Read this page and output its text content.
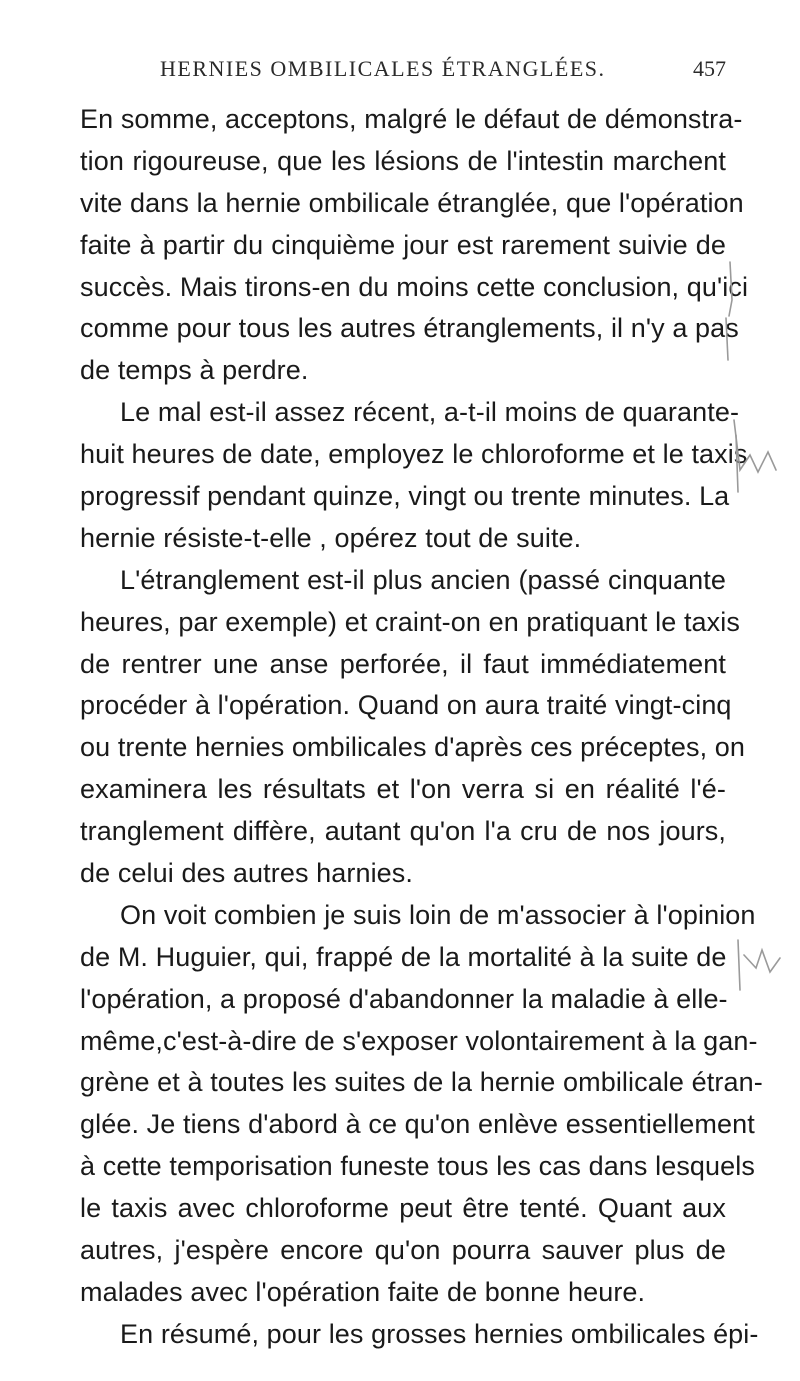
HERNIES OMBILICALES ÉTRANGLÉES.	457
En somme, acceptons, malgré le défaut de démonstra-
tion rigoureuse, que les lésions de l'intestin marchent
vite dans la hernie ombilicale étranglée, que l'opération
faite à partir du cinquième jour est rarement suivie de
succès. Mais tirons-en du moins cette conclusion, qu'ici
comme pour tous les autres étranglements, il n'y a pas
de temps à perdre.
Le mal est-il assez récent, a-t-il moins de quarante-
huit heures de date, employez le chloroforme et le taxis
progressif pendant quinze, vingt ou trente minutes. La
hernie résiste-t-elle , opérez tout de suite.
L'étranglement est-il plus ancien (passé cinquante
heures, par exemple) et craint-on en pratiquant le taxis
de rentrer une anse perforée, il faut immédiatement
procéder à l'opération. Quand on aura traité vingt-cinq
ou trente hernies ombilicales d'après ces préceptes, on
examinera les résultats et l'on verra si en réalité l'é-
tranglement diffère, autant qu'on l'a cru de nos jours,
de celui des autres harnies.
On voit combien je suis loin de m'associer à l'opinion
de M. Huguier, qui, frappé de la mortalité à la suite de
l'opération, a proposé d'abandonner la maladie à elle-
même,c'est-à-dire de s'exposer volontairement à la gan-
grène et à toutes les suites de la hernie ombilicale étran-
glée. Je tiens d'abord à ce qu'on enlève essentiellement
à cette temporisation funeste tous les cas dans lesquels
le taxis avec chloroforme peut être tenté. Quant aux
autres, j'espère encore qu'on pourra sauver plus de
malades avec l'opération faite de bonne heure.
En résumé, pour les grosses hernies ombilicales épi-
